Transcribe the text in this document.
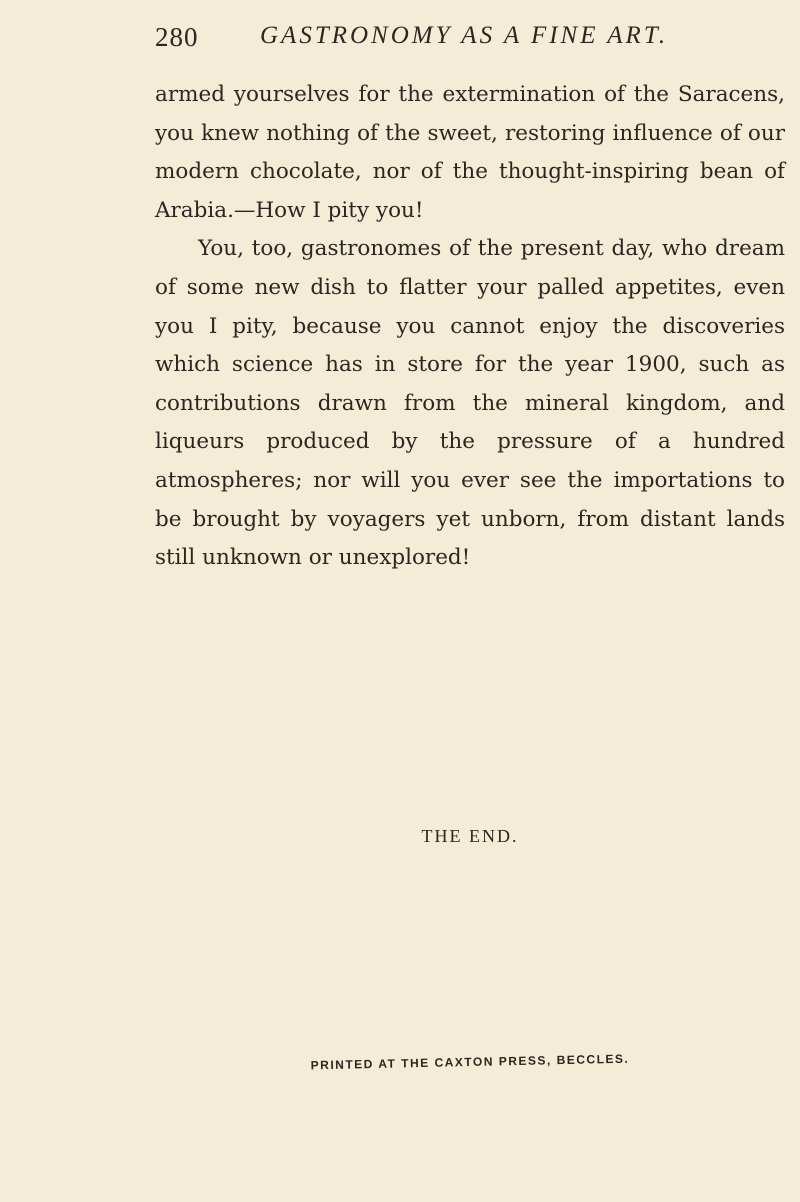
280 GASTRONOMY AS A FINE ART.

armed yourselves for the extermination of the Saracens, you knew nothing of the sweet, restoring influence of our modern chocolate, nor of the thought-inspiring bean of Arabia.—How I pity you!

You, too, gastronomes of the present day, who dream of some new dish to flatter your palled appetites, even you I pity, because you cannot enjoy the discoveries which science has in store for the year 1900, such as contributions drawn from the mineral kingdom, and liqueurs produced by the pressure of a hundred atmospheres; nor will you ever see the importations to be brought by voyagers yet unborn, from distant lands still unknown or unexplored!

THE END.
PRINTED AT THE CAXTON PRESS, BECCLES.
